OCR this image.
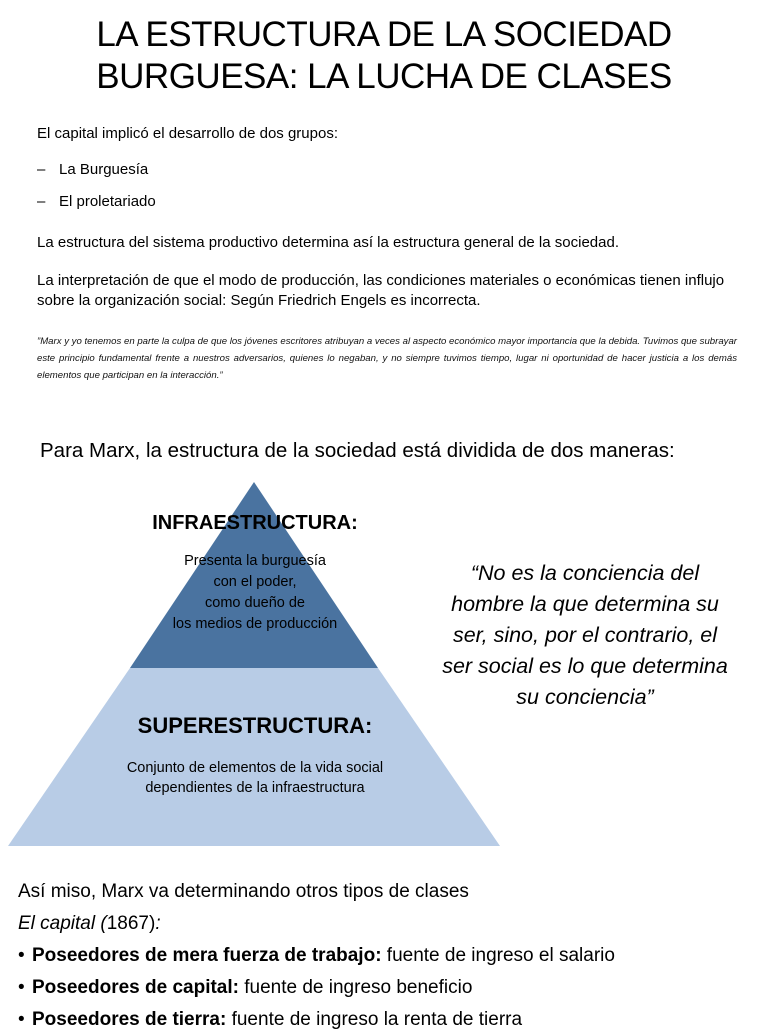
LA ESTRUCTURA DE LA SOCIEDAD
BURGUESA: LA LUCHA DE CLASES
El capital implicó el desarrollo de dos grupos:
– La Burguesía
– El proletariado
La estructura del sistema productivo determina así la estructura general de la sociedad.
La interpretación de que el modo de producción, las condiciones materiales o económicas tienen influjo sobre la organización social: Según Friedrich Engels es incorrecta.
”Marx y yo tenemos en parte la culpa de que los jóvenes escritores atribuyan a veces al aspecto económico mayor importancia que la debida. Tuvimos que subrayar este principio fundamental frente a nuestros adversarios, quienes lo negaban, y no siempre tuvimos tiempo, lugar ni oportunidad de hacer justicia a los demás elementos que participan en la interacción.”
Para Marx, la estructura de la sociedad está dividida de dos maneras:
INFRAESTRUCTURA:
Presenta la burguesía
con el poder,
como dueño de
los medios de producción
SUPERESTRUCTURA:
Conjunto de elementos de la vida social
dependientes de la infraestructura
“No es la conciencia del
hombre la que determina su
ser, sino, por el contrario, el
ser social es lo que determina
su conciencia”
Así miso, Marx va determinando otros tipos de clases
El capital (1867):
• Poseedores de mera fuerza de trabajo: fuente de ingreso el salario
• Poseedores de capital: fuente de ingreso beneficio
• Poseedores de tierra: fuente de ingreso la renta de tierra
